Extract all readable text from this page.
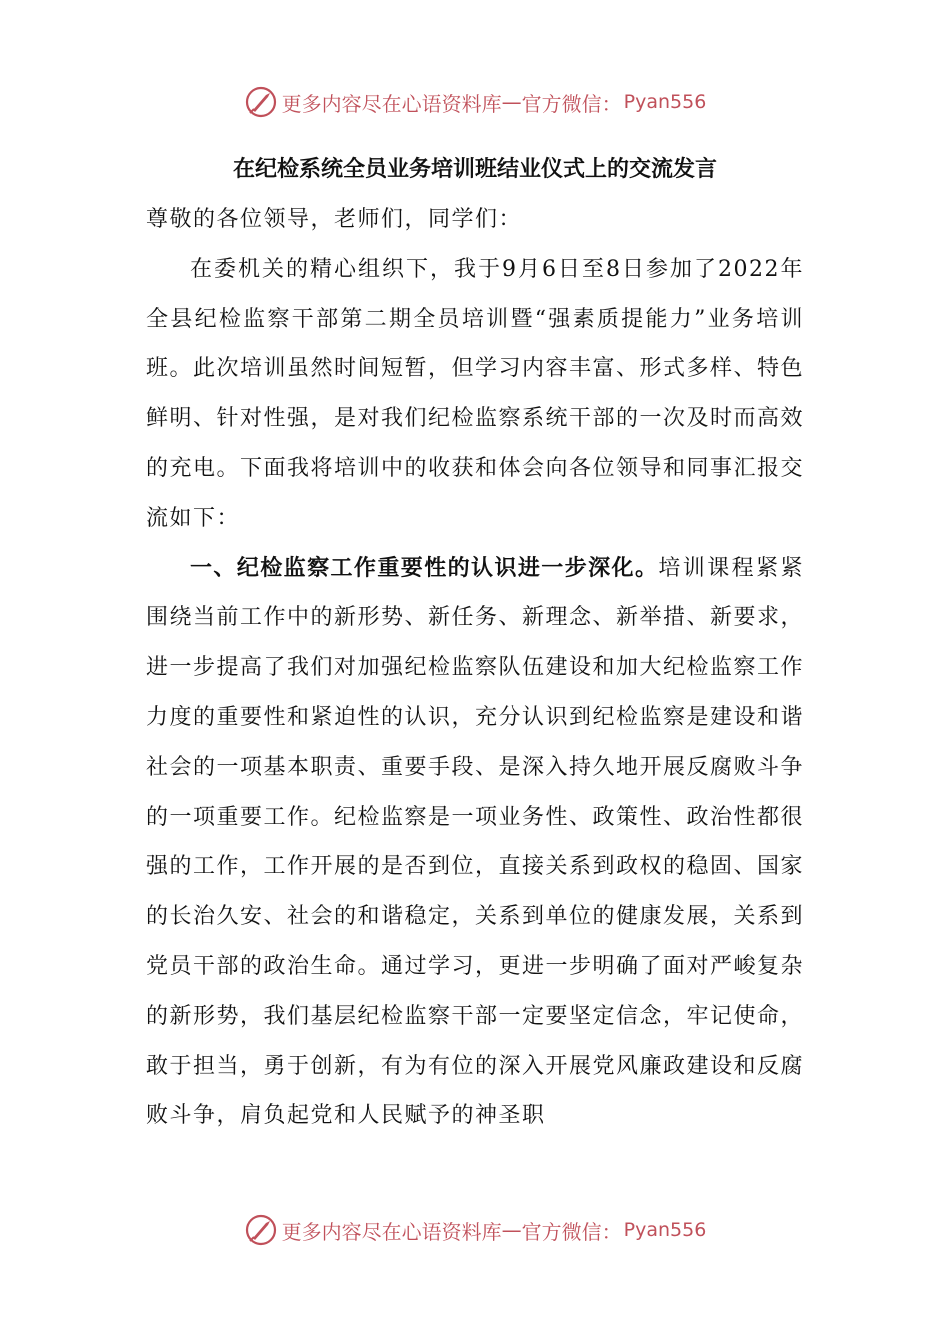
更多内容尽在心语资料库 — 官方微信： Pyan556
在纪检系统全员业务培训班结业仪式上的交流发言

尊敬的各位领导，老师们，同学们：

在委机关的精心组织下，我于9月6日至8日参加了2022年全县纪检监察干部第二期全员培训暨“强素质提能力”业务培训班。此次培训虽然时间短暂，但学习内容丰富、形式多样、特色鲜明、针对性强，是对我们纪检监察系统干部的一次及时而高效的充电。下面我将培训中的收获和体会向各位领导和同事汇报交流如下：

一、纪检监察工作重要性的认识进一步深化。培训课程紧紧围绕当前工作中的新形势、新任务、新理念、新举措、新要求，进一步提高了我们对加强纪检监察队伍建设和加大纪检监察工作力度的重要性和紧迫性的认识，充分认识到纪检监察是建设和谐社会的一项基本职责、重要手段、是深入持久地开展反腐败斗争的一项重要工作。纪检监察是一项业务性、政策性、政治性都很强的工作，工作开展的是否到位，直接关系到政权的稳固、国家的长治久安、社会的和谐稳定，关系到单位的健康发展，关系到党员干部的政治生命。通过学习，更进一步明确了面对严峻复杂的新形势，我们基层纪检监察干部一定要坚定信念，牢记使命，敢于担当，勇于创新，有为有位的深入开展党风廉政建设和反腐败斗争，肩负起党和人民赋予的神圣职

更多内容尽在心语资料库 — 官方微信： Pyan556
